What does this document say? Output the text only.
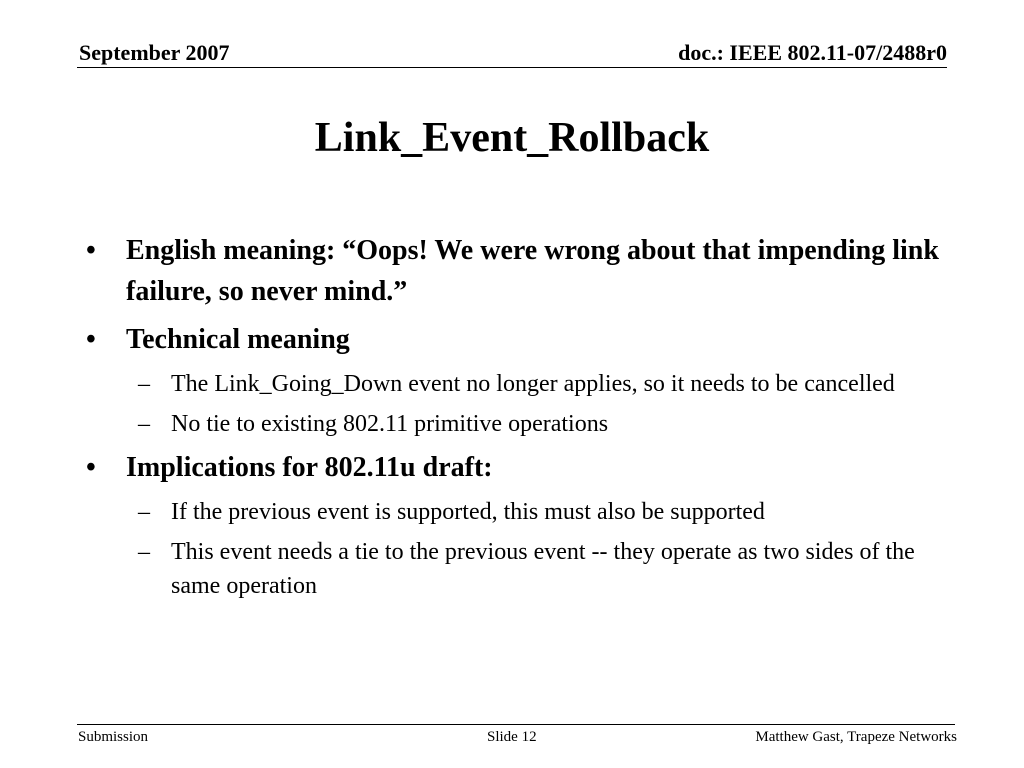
September 2007	doc.: IEEE 802.11-07/2488r0
Link_Event_Rollback
• English meaning: “Oops! We were wrong about that impending link failure, so never mind.”
• Technical meaning
– The Link_Going_Down event no longer applies, so it needs to be cancelled
– No tie to existing 802.11 primitive operations
• Implications for 802.11u draft:
– If the previous event is supported, this must also be supported
– This event needs a tie to the previous event -- they operate as two sides of the same operation
Submission	Slide 12	Matthew Gast, Trapeze Networks
